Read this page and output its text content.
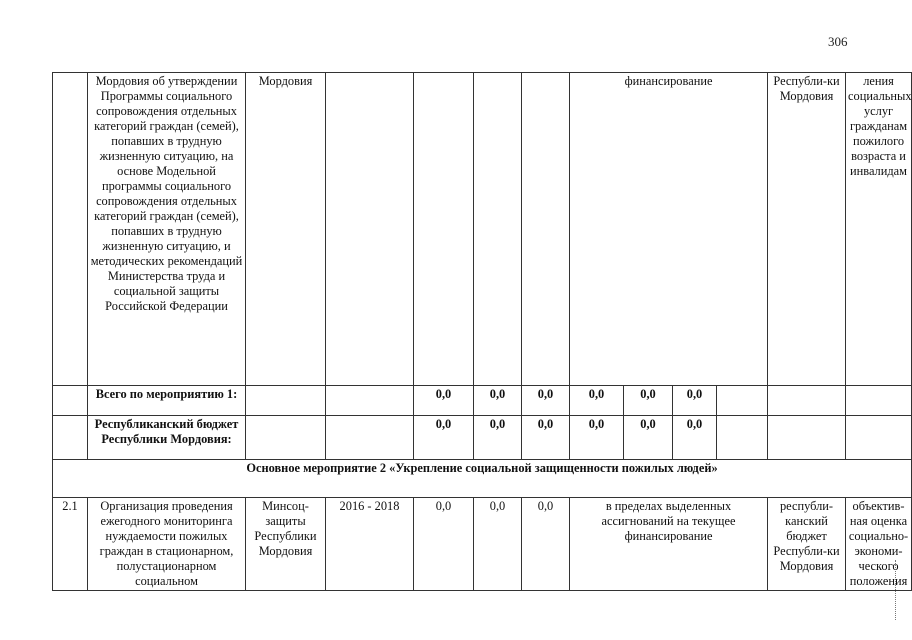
306
	Мордовия об утверждении Программы социального сопровождения отдельных категорий граждан (семей), попавших в трудную жизненную ситуацию, на основе Модельной программы социального сопровождения отдельных категорий граждан (семей), попавших в трудную жизненную ситуацию, и методических рекомендаций Министерства труда и социальной защиты Российской Федерации	Мордовия					финансирование				Республи-ки Мордовия	ления социальных услуг гражданам пожилого возраста и инвалидам
	Всего по мероприятию 1:			0,0	0,0	0,0	0,0	0,0	0,0			
	Республиканский бюджет Республики Мордовия:			0,0	0,0	0,0	0,0	0,0	0,0			
Основное мероприятие 2 «Укрепление социальной защищенности пожилых людей»												
2.1	Организация проведения ежегодного мониторинга нуждаемости пожилых граждан в стационарном, полустационарном социальном	Минсоц-защиты Республики Мордовия	2016 - 2018	0,0	0,0	0,0	в пределах выделенных ассигнований на текущее финансирование				республи-канский бюджет Республи-ки Мордовия	объектив-ная оценка социально-экономи-ческого положения
